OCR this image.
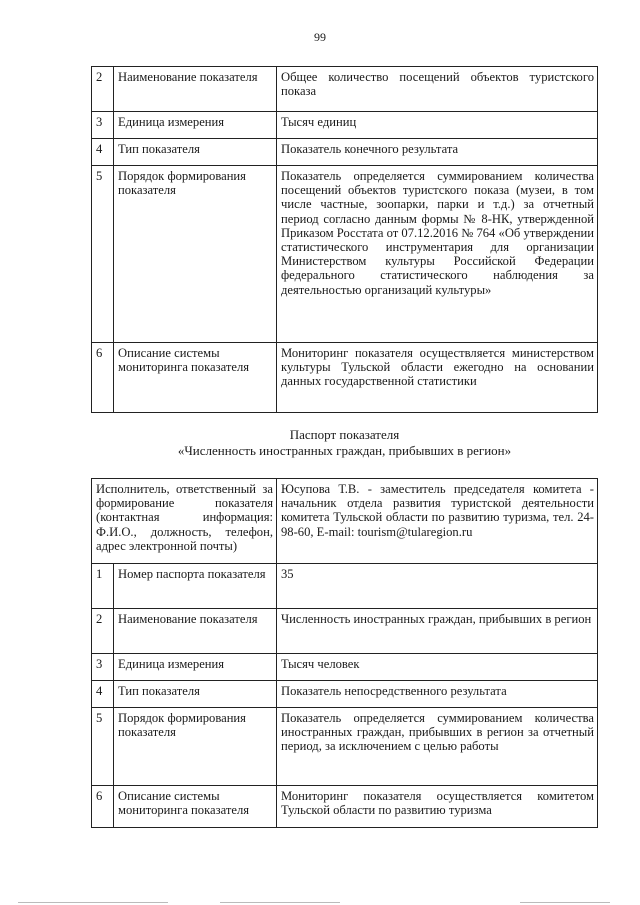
99
2	Наименование показателя	Общее количество посещений объектов туристского показа
3	Единица измерения	Тысяч единиц
4	Тип показателя	Показатель конечного результата
5	Порядок формирования показателя	Показатель определяется суммированием количества посещений объектов туристского показа (музеи, в том числе частные, зоопарки, парки и т.д.) за отчетный период согласно данным формы № 8-НК, утвержденной Приказом Росстата от 07.12.2016 № 764 «Об утверждении статистического инструментария для организации Министерством культуры Российской Федерации федерального статистического наблюдения за деятельностью организаций культуры»
6	Описание системы мониторинга показателя	Мониторинг показателя осуществляется министерством культуры Тульской области ежегодно на основании данных государственной статистики
Паспорт показателя
«Численность иностранных граждан, прибывших в регион»
Исполнитель, ответственный за формирование показателя (контактная информация: Ф.И.О., должность, телефон, адрес электронной почты)		Юсупова Т.В. - заместитель председателя комитета - начальник отдела развития туристской деятельности комитета Тульской области по развитию туризма, тел. 24-98-60, E-mail: tourism@tularegion.ru
1	Номер паспорта показателя	35
2	Наименование показателя	Численность иностранных граждан, прибывших в регион
3	Единица измерения	Тысяч человек
4	Тип показателя	Показатель непосредственного результата
5	Порядок формирования показателя	Показатель определяется суммированием количества иностранных граждан, прибывших в регион за отчетный период, за исключением с целью работы
6	Описание системы мониторинга показателя	Мониторинг показателя осуществляется комитетом Тульской области по развитию туризма
